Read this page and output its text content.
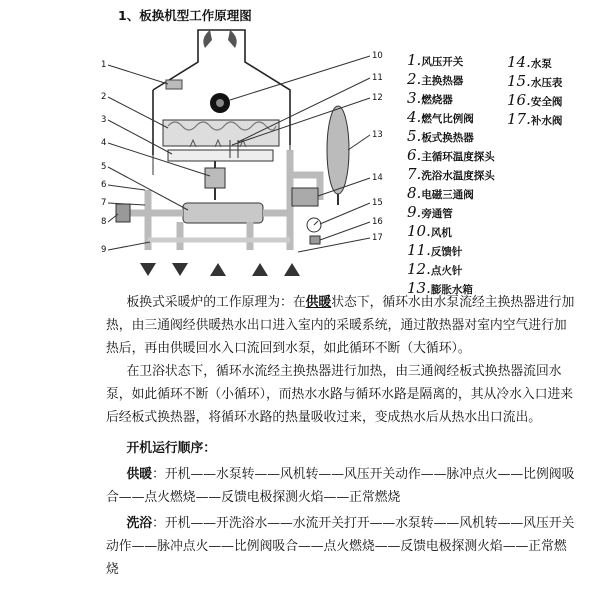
1、板换机型工作原理图
1
2
3
4
5
6
7
8
9
10
11
12
13
14
15
16
17
1.风压开关
2.主换热器
3.燃烧器
4.燃气比例阀
5.板式换热器
6.主循环温度探头
7.洗浴水温度探头
8.电磁三通阀
9.旁通管
10.风机
11.反馈针
12.点火针
13.膨胀水箱
14.水泵
15.水压表
16.安全阀
17.补水阀

板换式采暖炉的工作原理为：在供暖状态下，循环水由水泵流经主换热器进行加热，由三通阀经供暖热水出口进入室内的采暖系统，通过散热器对室内空气进行加热后，再由供暖回水入口流回到水泵，如此循环不断（大循环）。

在卫浴状态下，循环水流经主换热器进行加热，由三通阀经板式换热器流回水泵，如此循环不断（小循环），而热水水路与循环水路是隔离的，其从冷水入口进来后经板式换热器，将循环水路的热量吸收过来，变成热水后从热水出口流出。

开机运行顺序：

供暖：开机——水泵转——风机转——风压开关动作——脉冲点火——比例阀吸合——点火燃烧——反馈电极探测火焰——正常燃烧

洗浴：开机——开洗浴水——水流开关打开——水泵转——风机转——风压开关动作——脉冲点火——比例阀吸合——点火燃烧——反馈电极探测火焰——正常燃烧
